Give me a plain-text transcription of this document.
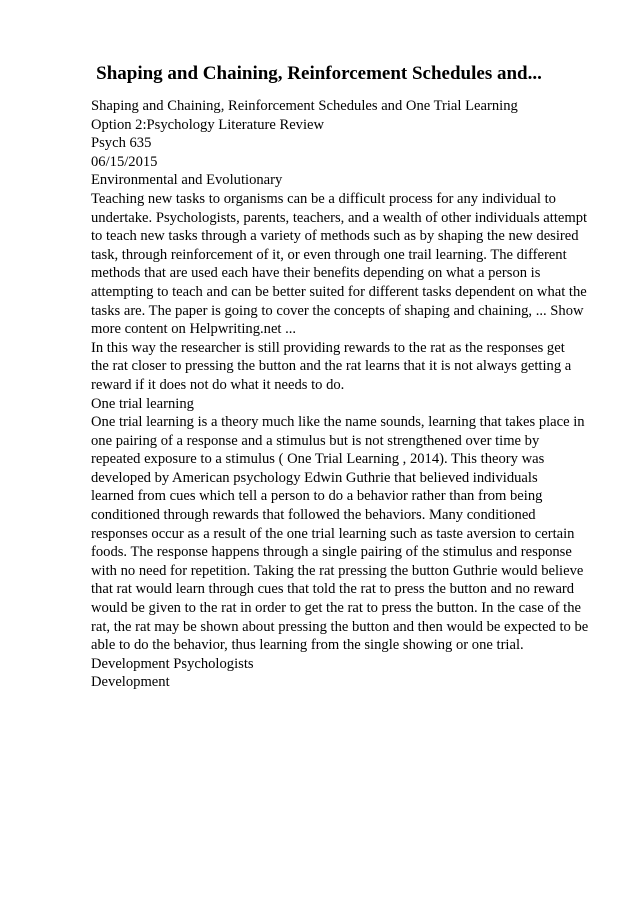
Shaping and Chaining, Reinforcement Schedules and...
Shaping and Chaining, Reinforcement Schedules and One Trial Learning
Option 2:Psychology Literature Review
Psych 635
06/15/2015
Environmental and Evolutionary
Teaching new tasks to organisms can be a difficult process for any individual to
undertake. Psychologists, parents, teachers, and a wealth of other individuals attempt
to teach new tasks through a variety of methods such as by shaping the new desired
task, through reinforcement of it, or even through one trail learning. The different
methods that are used each have their benefits depending on what a person is
attempting to teach and can be better suited for different tasks dependent on what the
tasks are. The paper is going to cover the concepts of shaping and chaining, ... Show
more content on Helpwriting.net ...
In this way the researcher is still providing rewards to the rat as the responses get
the rat closer to pressing the button and the rat learns that it is not always getting a
reward if it does not do what it needs to do.
One trial learning
One trial learning is a theory much like the name sounds, learning that takes place in
one pairing of a response and a stimulus but is not strengthened over time by
repeated exposure to a stimulus ( One Trial Learning , 2014). This theory was
developed by American psychology Edwin Guthrie that believed individuals
learned from cues which tell a person to do a behavior rather than from being
conditioned through rewards that followed the behaviors. Many conditioned
responses occur as a result of the one trial learning such as taste aversion to certain
foods. The response happens through a single pairing of the stimulus and response
with no need for repetition. Taking the rat pressing the button Guthrie would believe
that rat would learn through cues that told the rat to press the button and no reward
would be given to the rat in order to get the rat to press the button. In the case of the
rat, the rat may be shown about pressing the button and then would be expected to be
able to do the behavior, thus learning from the single showing or one trial.
Development Psychologists
Development
